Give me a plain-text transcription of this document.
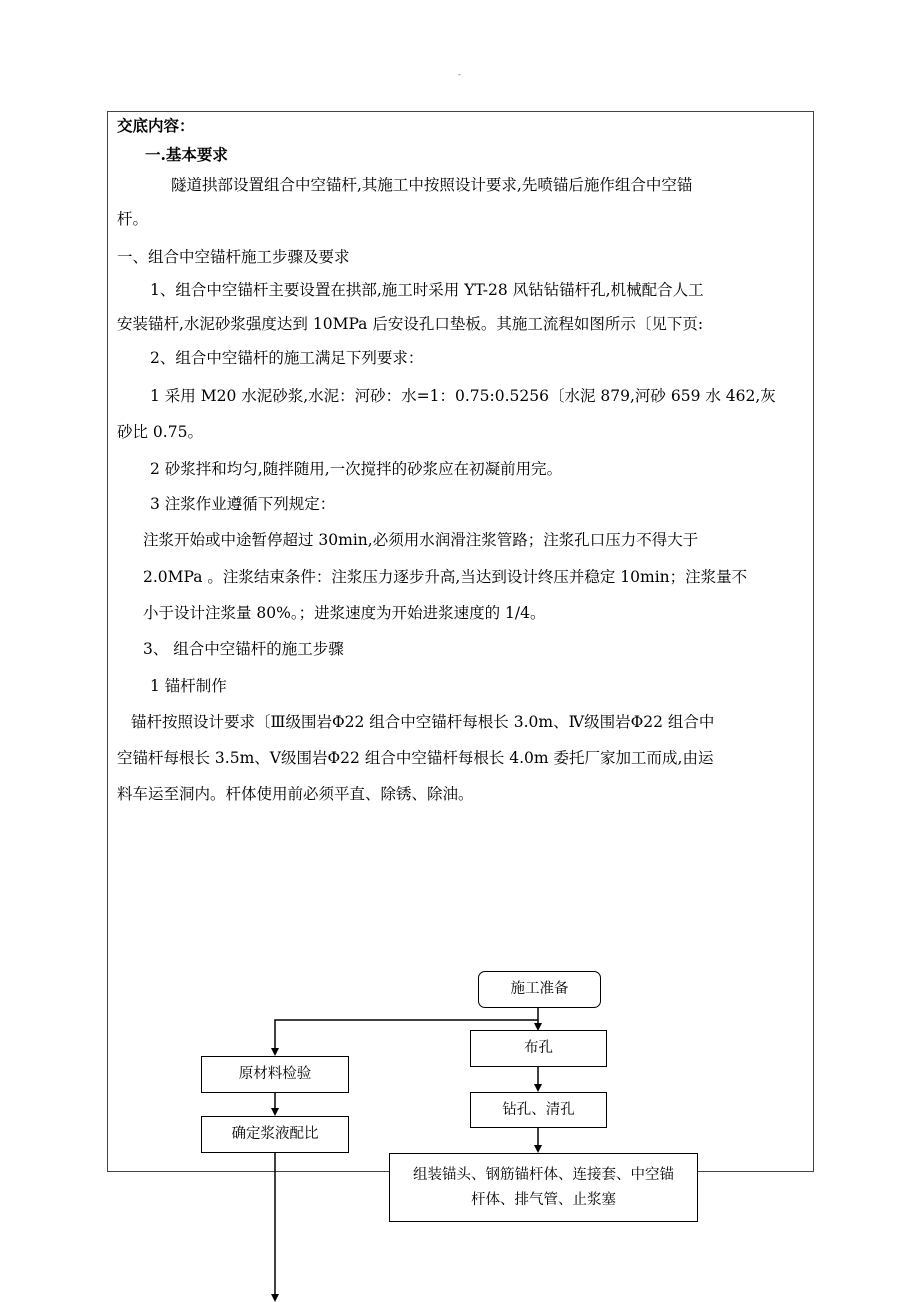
-
交底内容：
一.基本要求
隧道拱部设置组合中空锚杆,其施工中按照设计要求,先喷锚后施作组合中空锚
杆。
一、组合中空锚杆施工步骤及要求
1、组合中空锚杆主要设置在拱部,施工时采用 YT-28 风钻钻锚杆孔,机械配合人工
安装锚杆,水泥砂浆强度达到 10MPa 后安设孔口垫板。其施工流程如图所示〔见下页:
2、组合中空锚杆的施工满足下列要求：
1 采用 M20 水泥砂浆,水泥：河砂：水=1：0.75:0.5256〔水泥 879,河砂 659 水 462,灰
砂比 0.75。
2 砂浆拌和均匀,随拌随用,一次搅拌的砂浆应在初凝前用完。
3 注浆作业遵循下列规定：
注浆开始或中途暂停超过 30min,必须用水润滑注浆管路；注浆孔口压力不得大于
2.0MPa 。注浆结束条件：注浆压力逐步升高,当达到设计终压并稳定 10min；注浆量不
小于设计注浆量 80%。；进浆速度为开始进浆速度的 1/4。
3、 组合中空锚杆的施工步骤
1 锚杆制作
锚杆按照设计要求〔Ⅲ级围岩Φ22 组合中空锚杆每根长 3.0m、Ⅳ级围岩Φ22 组合中
空锚杆每根长 3.5m、Ⅴ级围岩Φ22 组合中空锚杆每根长 4.0m 委托厂家加工而成,由运
料车运至洞内。杆体使用前必须平直、除锈、除油。
施工准备
布孔
钻孔、清孔
组装锚头、钢筋锚杆体、连接套、中空锚
杆体、排气管、止浆塞
原材料检验
确定浆液配比
